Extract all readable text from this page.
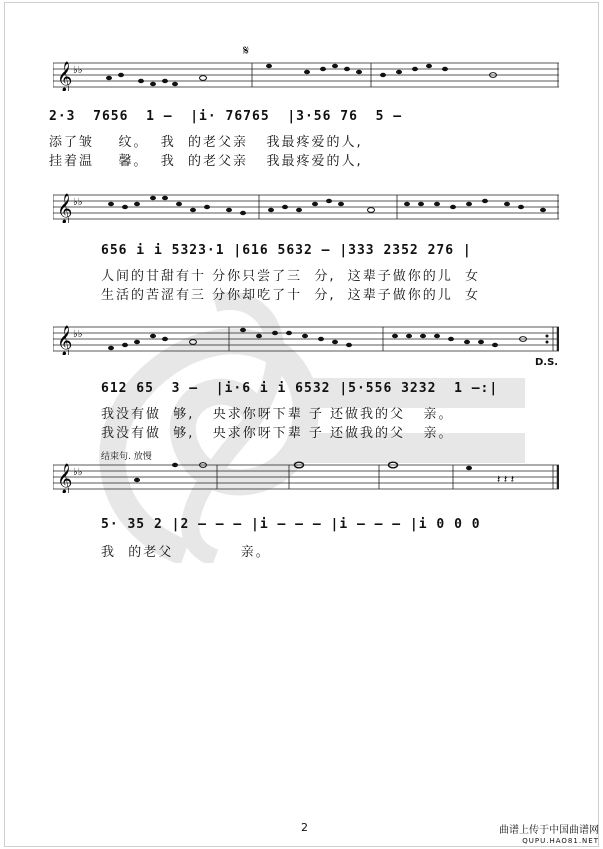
𝄋
𝄞 ♭♭
2·3  7656  1 –  |i· 76765  |3·56 76  5 –
添了皱    纹。  我  的老父亲   我最疼爱的人,
挂着温    馨。  我  的老父亲   我最疼爱的人,
𝄞 ♭♭
656 i i 5323·1 |616 5632 – |333 2352 276 |
人间的甘甜有十 分你只尝了三  分,  这辈子做你的儿  女
生活的苦涩有三 分你却吃了十  分,  这辈子做你的儿  女
𝄞 ♭♭
D.S.
612 65  3 –  |i·6 i i 6532 |5·556 3232  1 –:|
我没有做  够,   央求你呀下辈 子 还做我的父   亲。
我没有做  够,   央求你呀下辈 子 还做我的父   亲。
结束句. 放慢
𝄞 ♭♭
𝄽 𝄽 𝄽
5· 35 2 |2 – – – |i – – – |i – – – |i 0 0 0
我  的老父           亲。
2	曲谱上传于中国曲谱网
QUPU.HAO81.NET
